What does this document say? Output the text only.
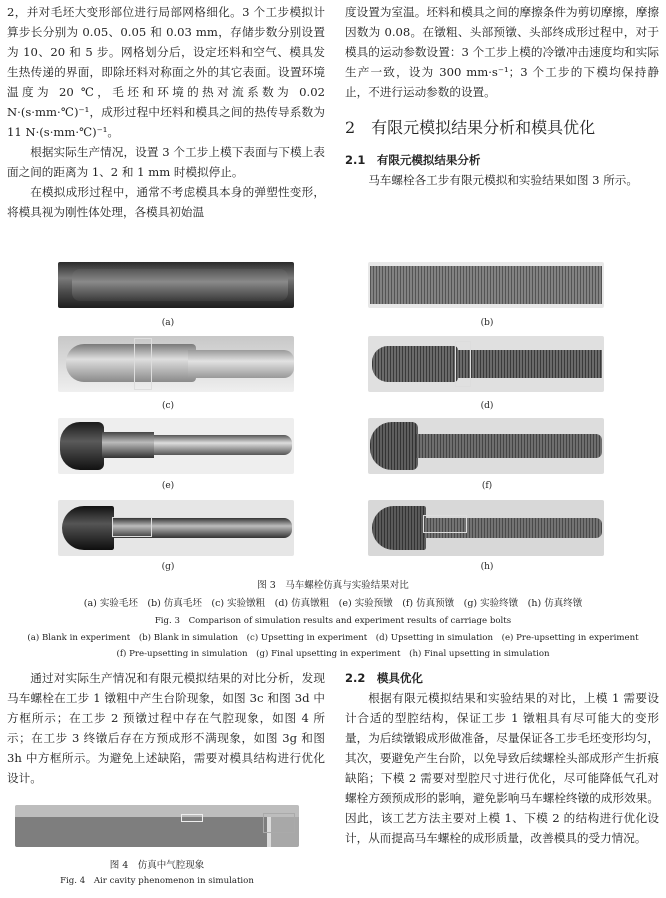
2，并对毛坯大变形部位进行局部网格细化。3 个工步模拟计算步长分别为 0.05、0.05 和 0.03 mm，存储步数分别设置为 10、20 和 5 步。网格划分后，设定坯料和空气、模具发生热传递的界面，即除坯料对称面之外的其它表面。设置环境温度为 20 ℃，毛坯和环境的热对流系数为 0.02 N·(s·mm·℃)⁻¹，成形过程中坯料和模具之间的热传导系数为 11 N·(s·mm·℃)⁻¹。

根据实际生产情况，设置 3 个工步上模下表面与下模上表面之间的距离为 1、2 和 1 mm 时模拟停止。

在模拟成形过程中，通常不考虑模具本身的弹塑性变形，将模具视为刚性体处理，各模具初始温

度设置为室温。坯料和模具之间的摩擦条件为剪切摩擦，摩擦因数为 0.08。在镦粗、头部预镦、头部终成形过程中，对于模具的运动参数设置：3 个工步上模的冷镦冲击速度均和实际生产一致，设为 300 mm·s⁻¹；3 个工步的下模均保持静止，不进行运动参数的设置。

2　有限元模拟结果分析和模具优化

2.1　有限元模拟结果分析

马车螺栓各工步有限元模拟和实验结果如图 3 所示。

(a)	(b)
(c)	(d)
(e)	(f)
(g)	(h)
图 3　马车螺栓仿真与实验结果对比
(a) 实验毛坯　(b) 仿真毛坯　(c) 实验镦粗　(d) 仿真镦粗　(e) 实验预镦　(f) 仿真预镦　(g) 实验终镦　(h) 仿真终镦
Fig. 3　Comparison of simulation results and experiment results of carriage bolts
(a) Blank in experiment　(b) Blank in simulation　(c) Upsetting in experiment　(d) Upsetting in simulation　(e) Pre-upsetting in experiment
(f) Pre-upsetting in simulation　(g) Final upsetting in experiment　(h) Final upsetting in simulation

通过对实际生产情况和有限元模拟结果的对比分析，发现马车螺栓在工步 1 镦粗中产生台阶现象，如图 3c 和图 3d 中方框所示；在工步 2 预镦过程中存在气腔现象，如图 4 所示；在工步 3 终镦后存在方预成形不满现象，如图 3g 和图 3h 中方框所示。为避免上述缺陷，需要对模具结构进行优化设计。

图 4　仿真中气腔现象
Fig. 4　Air cavity phenomenon in simulation

2.2　模具优化

根据有限元模拟结果和实验结果的对比，上模 1 需要设计合适的型腔结构，保证工步 1 镦粗具有尽可能大的变形量，为后续镦锻成形做准备，尽量保证各工步毛坯变形均匀，其次，要避免产生台阶，以免导致后续螺栓头部成形产生折痕缺陷；下模 2 需要对型腔尺寸进行优化，尽可能降低气孔对螺栓方颈预成形的影响，避免影响马车螺栓终镦的成形效果。因此，该工艺方法主要对上模 1、下模 2 的结构进行优化设计，从而提高马车螺栓的成形质量，改善模具的受力情况。
